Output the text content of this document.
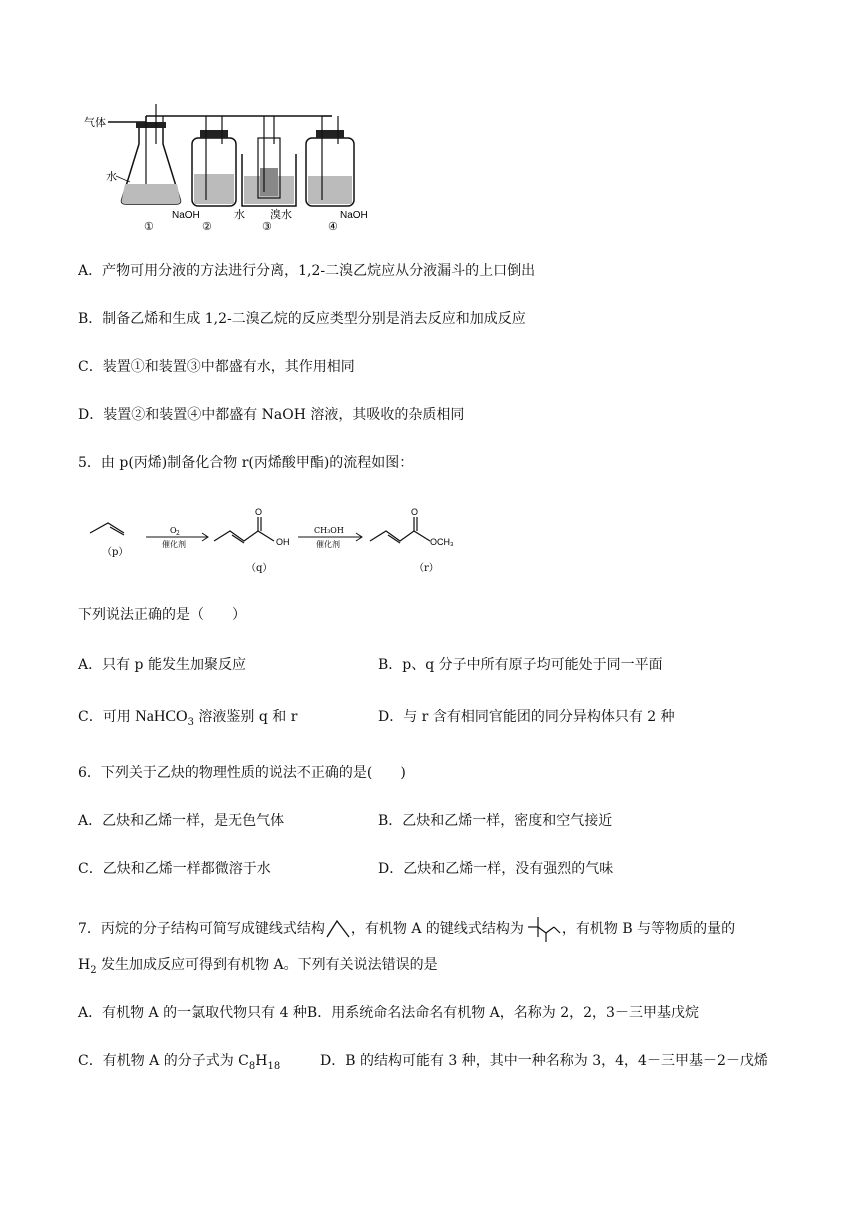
气体
水
NaOH	水 溴水	NaOH
①	②	③	④
A．产物可用分液的方法进行分离，1,2-二溴乙烷应从分液漏斗的上口倒出
B．制备乙烯和生成 1,2-二溴乙烷的反应类型分别是消去反应和加成反应
C．装置①和装置③中都盛有水，其作用相同
D．装置②和装置④中都盛有 NaOH 溶液，其吸收的杂质相同
5．由 p(丙烯)制备化合物 r(丙烯酸甲酯)的流程如图：
（p）
O 2
催化剂
O
OH
（q）
CH₃OH
催化剂
O
OCH₃
（r）
下列说法正确的是（　　）
A．只有 p 能发生加聚反应	B．p、q 分子中所有原子均可能处于同一平面
C．可用 NaHCO$_3$ 溶液鉴别 q 和 r	D．与 r 含有相同官能团的同分异构体只有 2 种
6．下列关于乙炔的物理性质的说法不正确的是(　　)
A．乙炔和乙烯一样，是无色气体	B．乙炔和乙烯一样，密度和空气接近
C．乙炔和乙烯一样都微溶于水	D．乙炔和乙烯一样，没有强烈的气味
7．丙烷的分子结构可简写成键线式结构 ，有机物 A 的键线式结构为	，有机物 B 与等物质的量的
$H_2$ 发生加成反应可得到有机物 A。下列有关说法错误的是
A．有机物 A 的一氯取代物只有 4 种B．用系统命名法命名有机物 A，名称为 2，2，3－三甲基戊烷
C．有机物 A 的分子式为 $C_8H_{18}$	D．B 的结构可能有 3 种，其中一种名称为 3，4，4－三甲基－2－戊烯
